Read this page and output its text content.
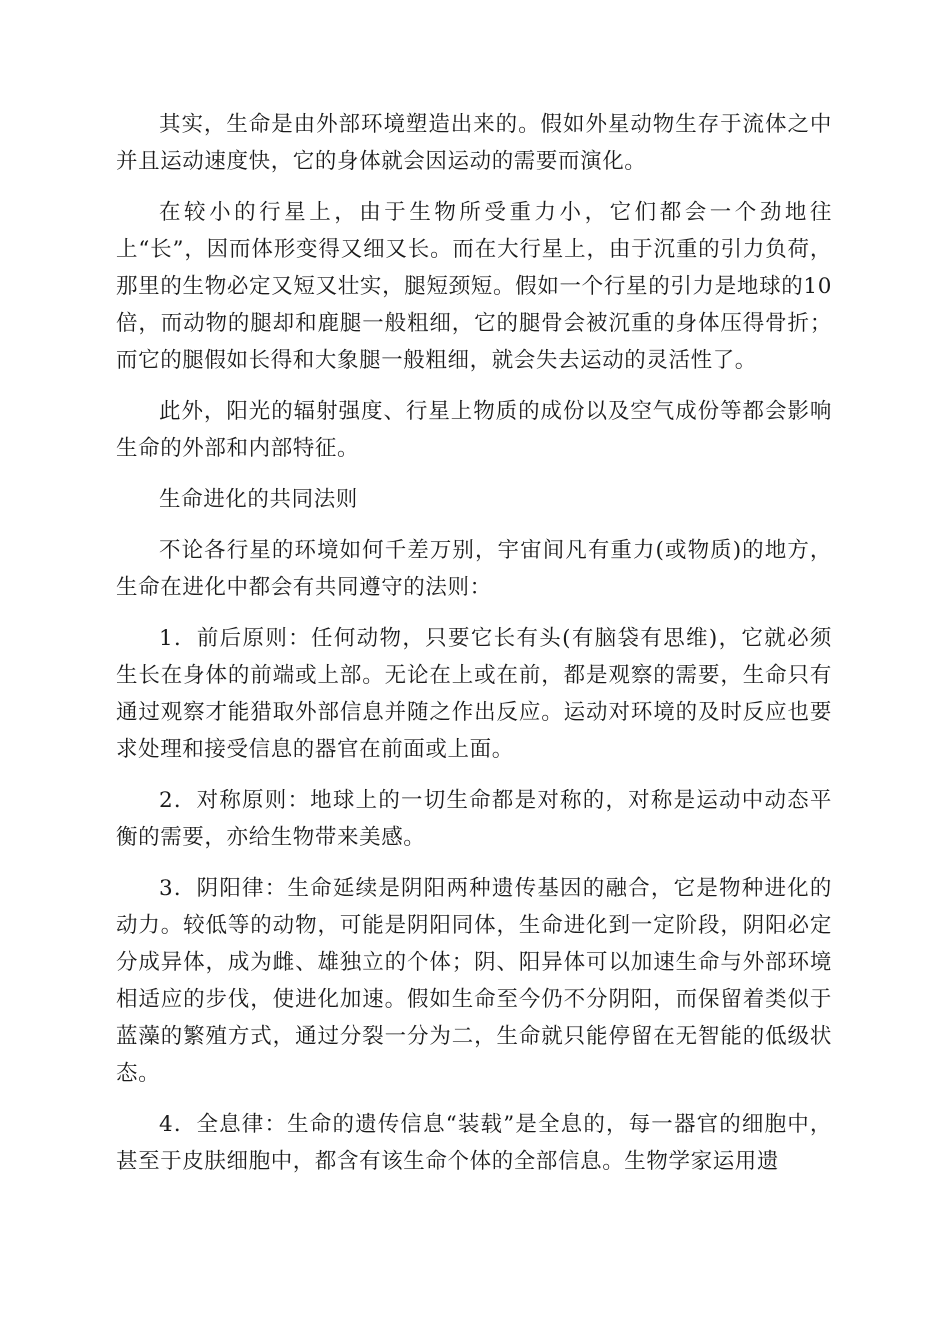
其实，生命是由外部环境塑造出来的。假如外星动物生存于流体之中并且运动速度快，它的身体就会因运动的需要而演化。

在较小的行星上，由于生物所受重力小，它们都会一个劲地往上“长”，因而体形变得又细又长。而在大行星上，由于沉重的引力负荷，那里的生物必定又短又壮实，腿短颈短。假如一个行星的引力是地球的10倍，而动物的腿却和鹿腿一般粗细，它的腿骨会被沉重的身体压得骨折；而它的腿假如长得和大象腿一般粗细，就会失去运动的灵活性了。

此外，阳光的辐射强度、行星上物质的成份以及空气成份等都会影响生命的外部和内部特征。

生命进化的共同法则

不论各行星的环境如何千差万别，宇宙间凡有重力(或物质)的地方，生命在进化中都会有共同遵守的法则：

1．前后原则：任何动物，只要它长有头(有脑袋有思维)，它就必须生长在身体的前端或上部。无论在上或在前，都是观察的需要，生命只有通过观察才能猎取外部信息并随之作出反应。运动对环境的及时反应也要求处理和接受信息的器官在前面或上面。

2．对称原则：地球上的一切生命都是对称的，对称是运动中动态平衡的需要，亦给生物带来美感。

3．阴阳律：生命延续是阴阳两种遗传基因的融合，它是物种进化的动力。较低等的动物，可能是阴阳同体，生命进化到一定阶段，阴阳必定分成异体，成为雌、雄独立的个体；阴、阳异体可以加速生命与外部环境相适应的步伐，使进化加速。假如生命至今仍不分阴阳，而保留着类似于蓝藻的繁殖方式，通过分裂一分为二，生命就只能停留在无智能的低级状态。

4．全息律：生命的遗传信息“装载”是全息的，每一器官的细胞中，甚至于皮肤细胞中，都含有该生命个体的全部信息。生物学家运用遗
